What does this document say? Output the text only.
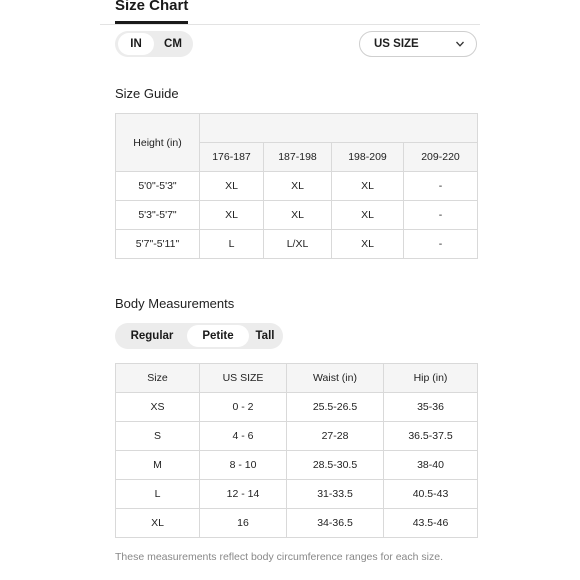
Size Chart
IN	CM	US SIZE
Size Guide
Height (in)				
	176-187	187-198	198-209	209-220
5'0"-5'3"	XL	XL	XL	-
5'3"-5'7"	XL	XL	XL	-
5'7"-5'11"	L	L/XL	XL	-
Body Measurements
Regular	Petite	Tall
Size	US SIZE	Waist (in)	Hip (in)
XS	0 - 2	25.5-26.5	35-36
S	4 - 6	27-28	36.5-37.5
M	8 - 10	28.5-30.5	38-40
L	12 - 14	31-33.5	40.5-43
XL	16	34-36.5	43.5-46
These measurements reflect body circumference ranges for each size.
